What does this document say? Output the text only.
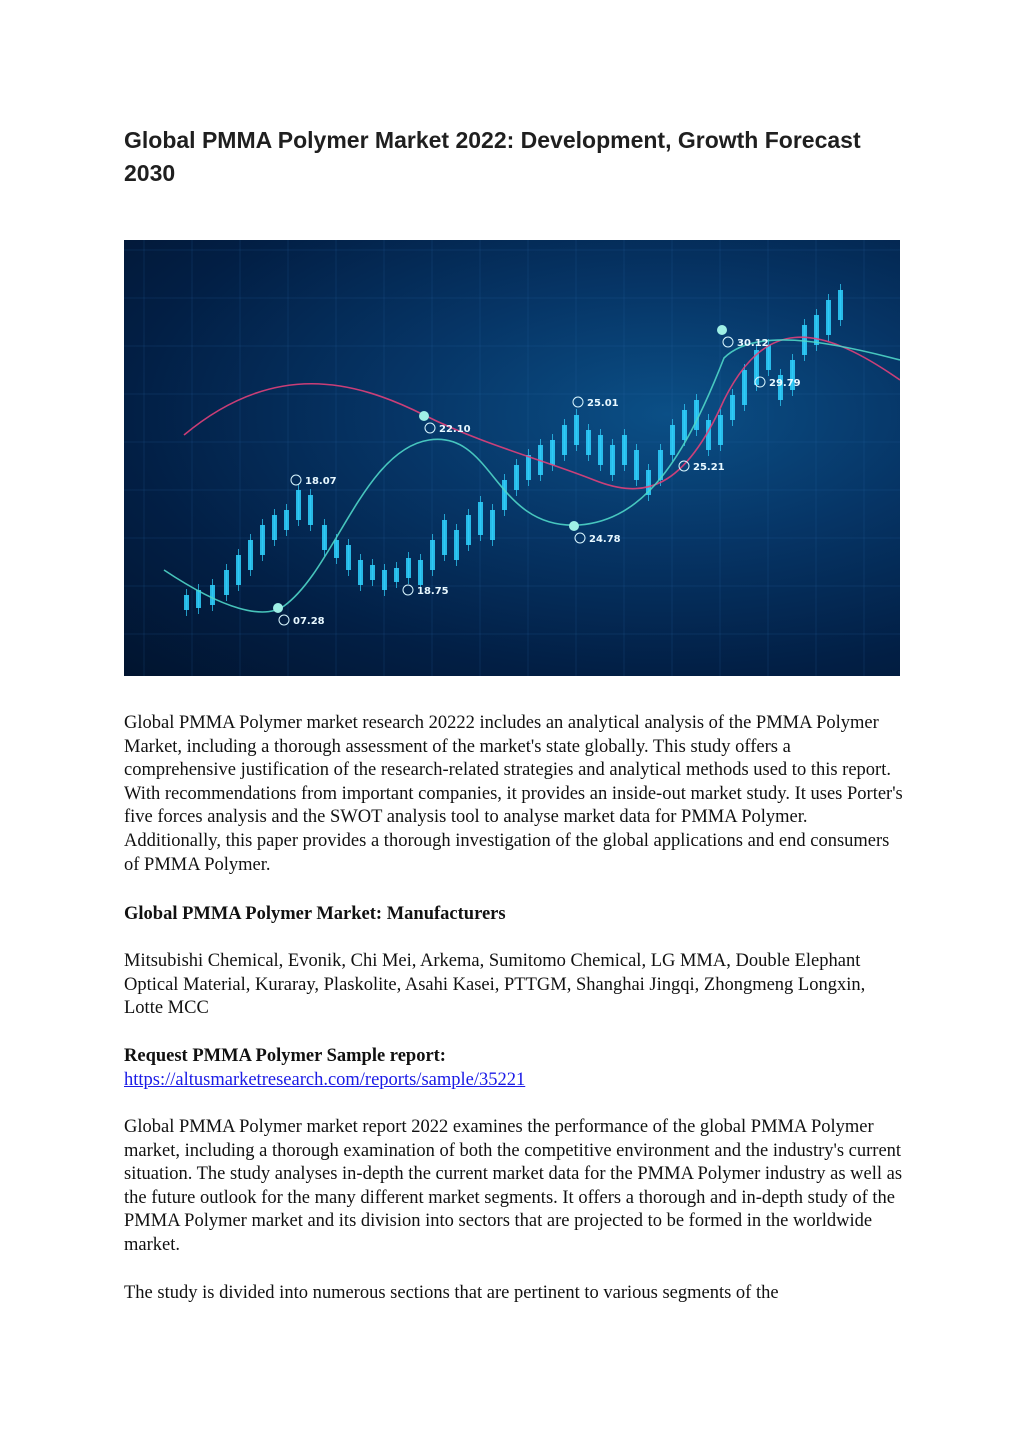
Global PMMA Polymer Market 2022: Development, Growth Forecast 2030
18.07
22.10
25.01
30.12
29.79
25.21
24.78
18.75
07.28

Global PMMA Polymer market research 20222 includes an analytical analysis of the PMMA Polymer Market, including a thorough assessment of the market's state globally. This study offers a comprehensive justification of the research-related strategies and analytical methods used to this report. With recommendations from important companies, it provides an inside-out market study. It uses Porter's five forces analysis and the SWOT analysis tool to analyse market data for PMMA Polymer. Additionally, this paper provides a thorough investigation of the global applications and end consumers of PMMA Polymer.

Global PMMA Polymer Market: Manufacturers

Mitsubishi Chemical, Evonik, Chi Mei, Arkema, Sumitomo Chemical, LG MMA, Double Elephant Optical Material, Kuraray, Plaskolite, Asahi Kasei, PTTGM, Shanghai Jingqi, Zhongmeng Longxin, Lotte MCC

Request PMMA Polymer Sample report:
https://altusmarketresearch.com/reports/sample/35221

Global PMMA Polymer market report 2022 examines the performance of the global PMMA Polymer market, including a thorough examination of both the competitive environment and the industry's current situation. The study analyses in-depth the current market data for the PMMA Polymer industry as well as the future outlook for the many different market segments. It offers a thorough and in-depth study of the PMMA Polymer market and its division into sectors that are projected to be formed in the worldwide market.

The study is divided into numerous sections that are pertinent to various segments of the
